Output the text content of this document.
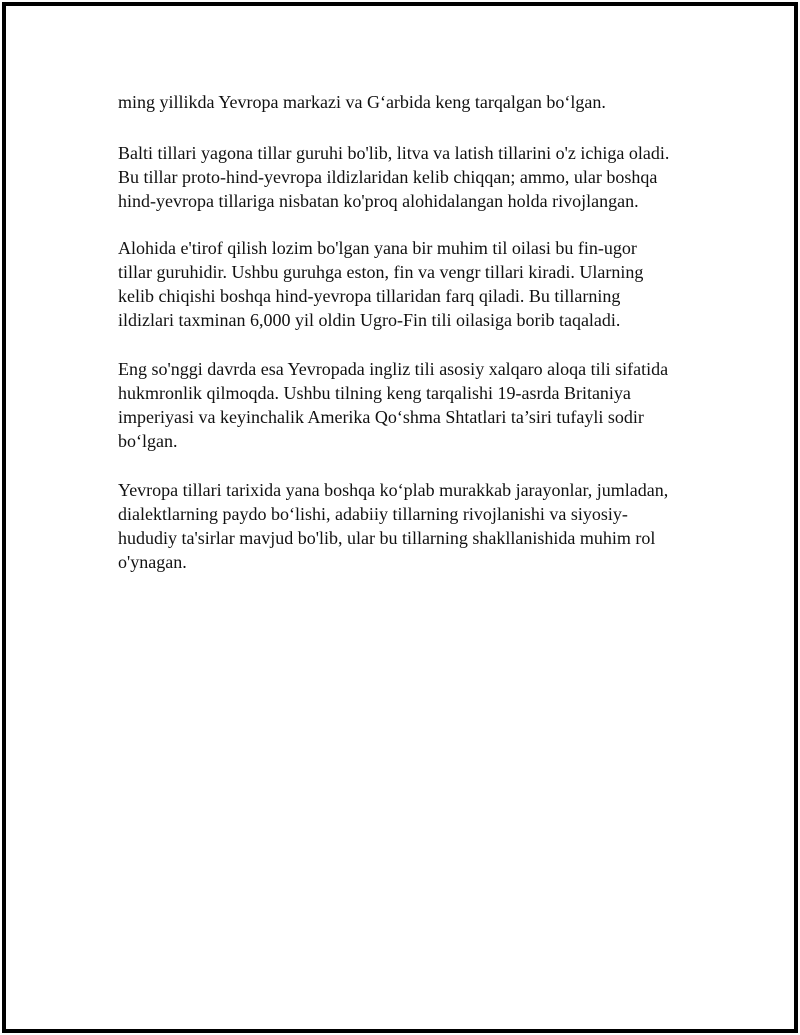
ming yillikda Yevropa markazi va G‘arbida keng tarqalgan bo‘lgan.
Balti tillari yagona tillar guruhi bo'lib, litva va latish tillarini o'z ichiga oladi.
Bu tillar proto-hind-yevropa ildizlaridan kelib chiqqan; ammo, ular boshqa
hind-yevropa tillariga nisbatan ko'proq alohidalangan holda rivojlangan.
Alohida e'tirof qilish lozim bo'lgan yana bir muhim til oilasi bu fin-ugor
tillar guruhidir. Ushbu guruhga eston, fin va vengr tillari kiradi. Ularning
kelib chiqishi boshqa hind-yevropa tillaridan farq qiladi. Bu tillarning
ildizlari taxminan 6,000 yil oldin Ugro-Fin tili oilasiga borib taqaladi.
Eng so'nggi davrda esa Yevropada ingliz tili asosiy xalqaro aloqa tili sifatida
hukmronlik qilmoqda. Ushbu tilning keng tarqalishi 19-asrda Britaniya
imperiyasi va keyinchalik Amerika Qo‘shma Shtatlari ta’siri tufayli sodir
bo‘lgan.
Yevropa tillari tarixida yana boshqa ko‘plab murakkab jarayonlar, jumladan,
dialektlarning paydo bo‘lishi, adabiiy tillarning rivojlanishi va siyosiy-
hududiy ta'sirlar mavjud bo'lib, ular bu tillarning shakllanishida muhim rol
o'ynagan.
